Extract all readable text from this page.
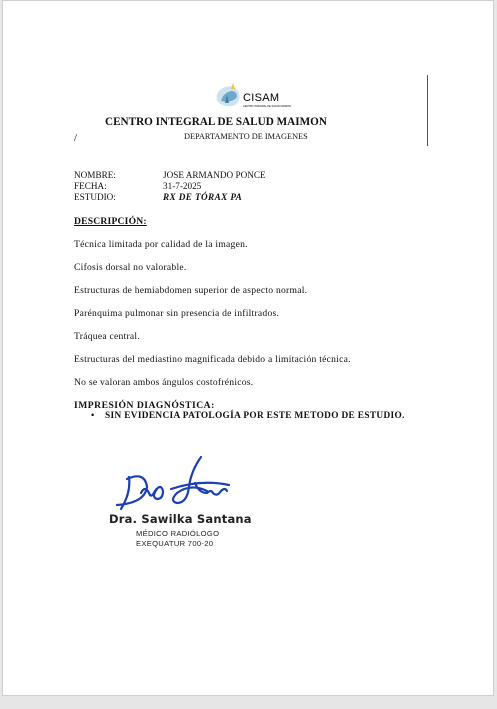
CISAM
CENTRO INTEGRAL DE SALUD MAIMON
CENTRO INTEGRAL DE SALUD MAIMON
/	DEPARTAMENTO DE IMAGENES
NOMBRE:	JOSE ARMANDO PONCE
FECHA:	31-7-2025
ESTUDIO:	RX DE TÓRAX PA
DESCRIPCIÓN:
Técnica limitada por calidad de la imagen.
Cifosis dorsal no valorable.
Estructuras de hemiabdomen superior de aspecto normal.
Parénquima pulmonar sin presencia de infiltrados.
Tráquea central.
Estructuras del mediastino magnificada debido a limitación técnica.
No se valoran ambos ángulos costofrénicos.
IMPRESIÓN DIAGNÓSTICA:
• SIN EVIDENCIA PATOLOGÍA POR ESTE METODO DE ESTUDIO.
Dra. Sawilka Santana
MÉDICO RADIÓLOGO
EXEQUATUR 700-20
